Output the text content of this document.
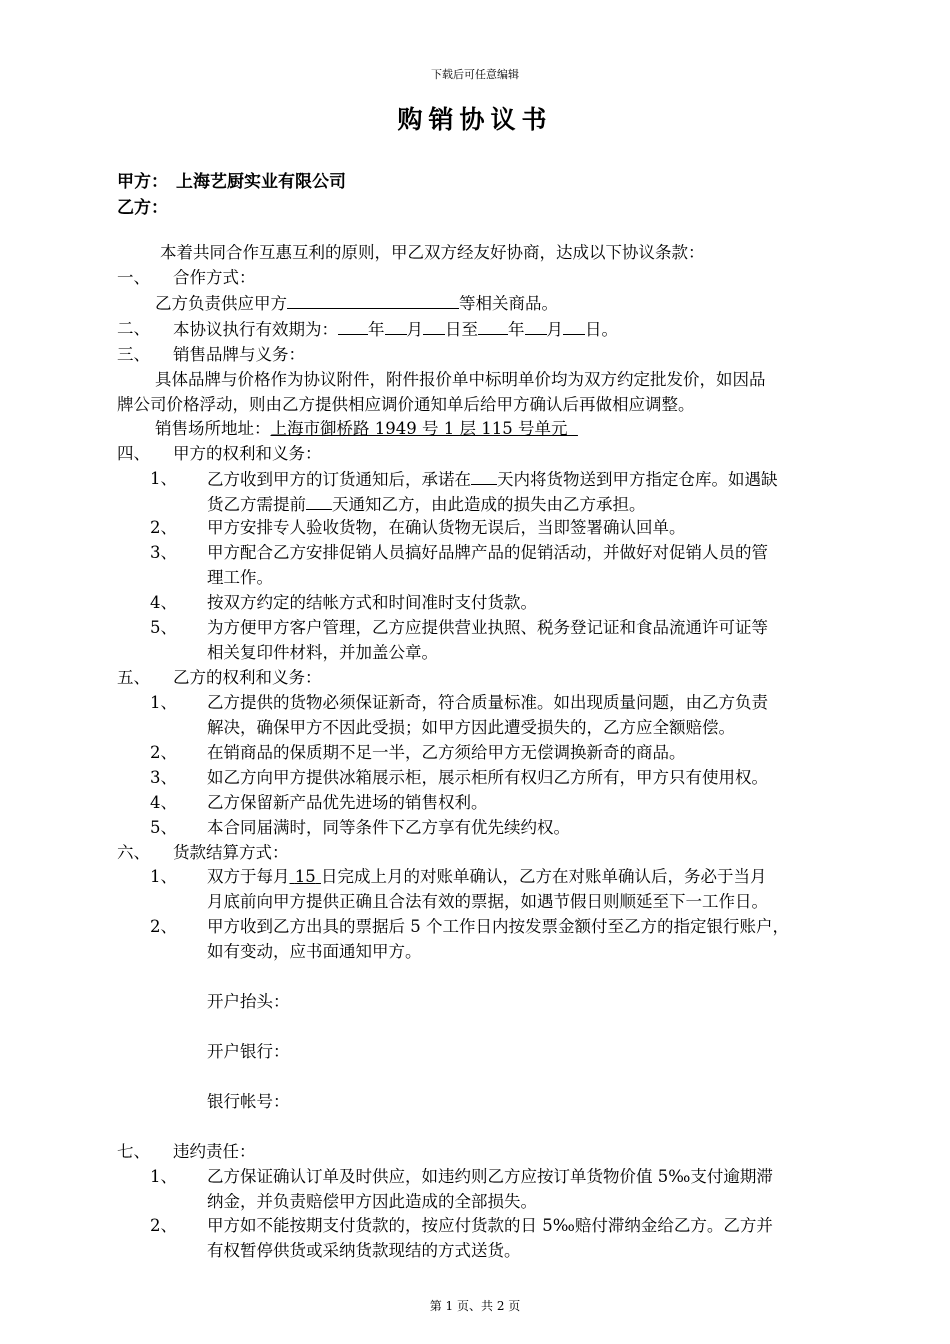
下载后可任意编辑
购销协议书
甲方： 上海艺厨实业有限公司
乙方：
本着共同合作互惠互利的原则，甲乙双方经友好协商，达成以下协议条款：
一、 合作方式：
乙方负责供应甲方	等相关商品。
二、 本协议执行有效期为： 年 月 日至 年 月 日。
三、 销售品牌与义务：
具体品牌与价格作为协议附件，附件报价单中标明单价均为双方约定批发价，如因品
牌公司价格浮动，则由乙方提供相应调价通知单后给甲方确认后再做相应调整。
销售场所地址：上海市御桥路 1949 号 1 层 115 号单元
四、 甲方的权利和义务：
1、 乙方收到甲方的订货通知后，承诺在 天内将货物送到甲方指定仓库。如遇缺
货乙方需提前 天通知乙方，由此造成的损失由乙方承担。
2、 甲方安排专人验收货物，在确认货物无误后，当即签署确认回单。
3、 甲方配合乙方安排促销人员搞好品牌产品的促销活动，并做好对促销人员的管
理工作。
4、 按双方约定的结帐方式和时间准时支付货款。
5、 为方便甲方客户管理，乙方应提供营业执照、税务登记证和食品流通许可证等
相关复印件材料，并加盖公章。
五、 乙方的权利和义务：
1、 乙方提供的货物必须保证新奇，符合质量标准。如出现质量问题，由乙方负责
解决，确保甲方不因此受损；如甲方因此遭受损失的，乙方应全额赔偿。
2、 在销商品的保质期不足一半，乙方须给甲方无偿调换新奇的商品。
3、 如乙方向甲方提供冰箱展示柜，展示柜所有权归乙方所有，甲方只有使用权。
4、 乙方保留新产品优先进场的销售权利。
5、 本合同届满时，同等条件下乙方享有优先续约权。
六、 货款结算方式：
1、 双方于每月 15 日完成上月的对账单确认，乙方在对账单确认后，务必于当月
月底前向甲方提供正确且合法有效的票据，如遇节假日则顺延至下一工作日。
2、 甲方收到乙方出具的票据后 5 个工作日内按发票金额付至乙方的指定银行账户，
如有变动，应书面通知甲方。
开户抬头：
开户银行：
银行帐号：
七、 违约责任：
1、 乙方保证确认订单及时供应，如违约则乙方应按订单货物价值 5‰支付逾期滞
纳金，并负责赔偿甲方因此造成的全部损失。
2、 甲方如不能按期支付货款的，按应付货款的日 5‰赔付滞纳金给乙方。乙方并
有权暂停供货或采纳货款现结的方式送货。
第 1 页、共 2 页
